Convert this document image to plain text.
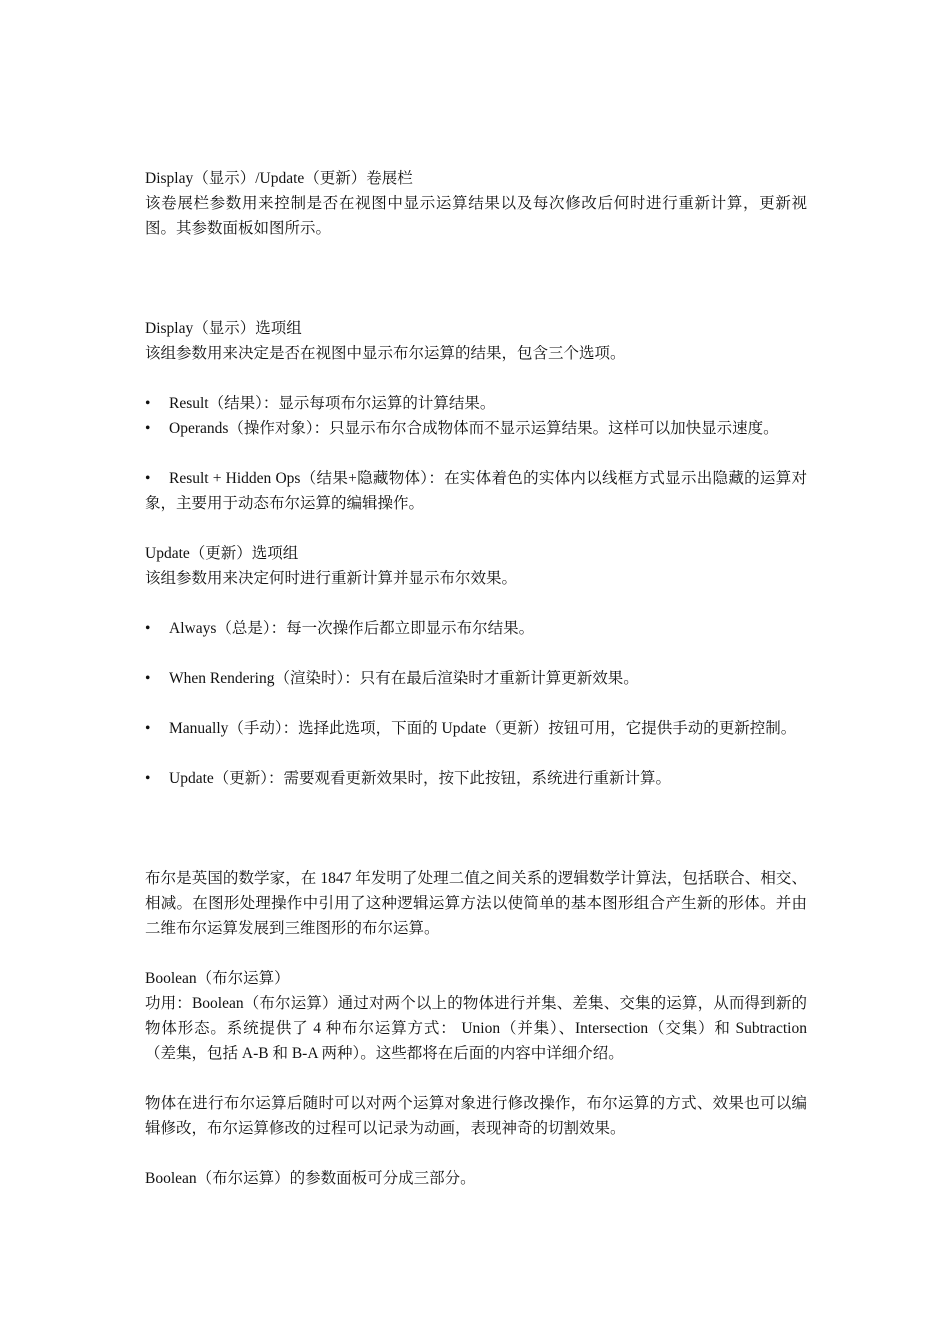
Display（显示）/Update（更新）卷展栏

该卷展栏参数用来控制是否在视图中显示运算结果以及每次修改后何时进行重新计算，更新视图。其参数面板如图所示。

Display（显示）选项组

该组参数用来决定是否在视图中显示布尔运算的结果，包含三个选项。

• Result（结果）：显示每项布尔运算的计算结果。

• Operands（操作对象）：只显示布尔合成物体而不显示运算结果。这样可以加快显示速度。

• Result + Hidden Ops（结果+隐藏物体）：在实体着色的实体内以线框方式显示出隐藏的运算对象，主要用于动态布尔运算的编辑操作。

Update（更新）选项组

该组参数用来决定何时进行重新计算并显示布尔效果。

• Always（总是）：每一次操作后都立即显示布尔结果。

• When Rendering（渲染时）：只有在最后渲染时才重新计算更新效果。

• Manually（手动）：选择此选项，下面的 Update（更新）按钮可用，它提供手动的更新控制。

• Update（更新）：需要观看更新效果时，按下此按钮，系统进行重新计算。

布尔是英国的数学家，在 1847 年发明了处理二值之间关系的逻辑数学计算法，包括联合、相交、相减。在图形处理操作中引用了这种逻辑运算方法以使简单的基本图形组合产生新的形体。并由二维布尔运算发展到三维图形的布尔运算。

Boolean（布尔运算）

功用：Boolean（布尔运算）通过对两个以上的物体进行并集、差集、交集的运算，从而得到新的物体形态。系统提供了 4 种布尔运算方式： Union（并集）、Intersection（交集）和 Subtraction（差集，包括 A-B 和 B-A 两种）。这些都将在后面的内容中详细介绍。

物体在进行布尔运算后随时可以对两个运算对象进行修改操作，布尔运算的方式、效果也可以编辑修改，布尔运算修改的过程可以记录为动画，表现神奇的切割效果。

Boolean（布尔运算）的参数面板可分成三部分。
